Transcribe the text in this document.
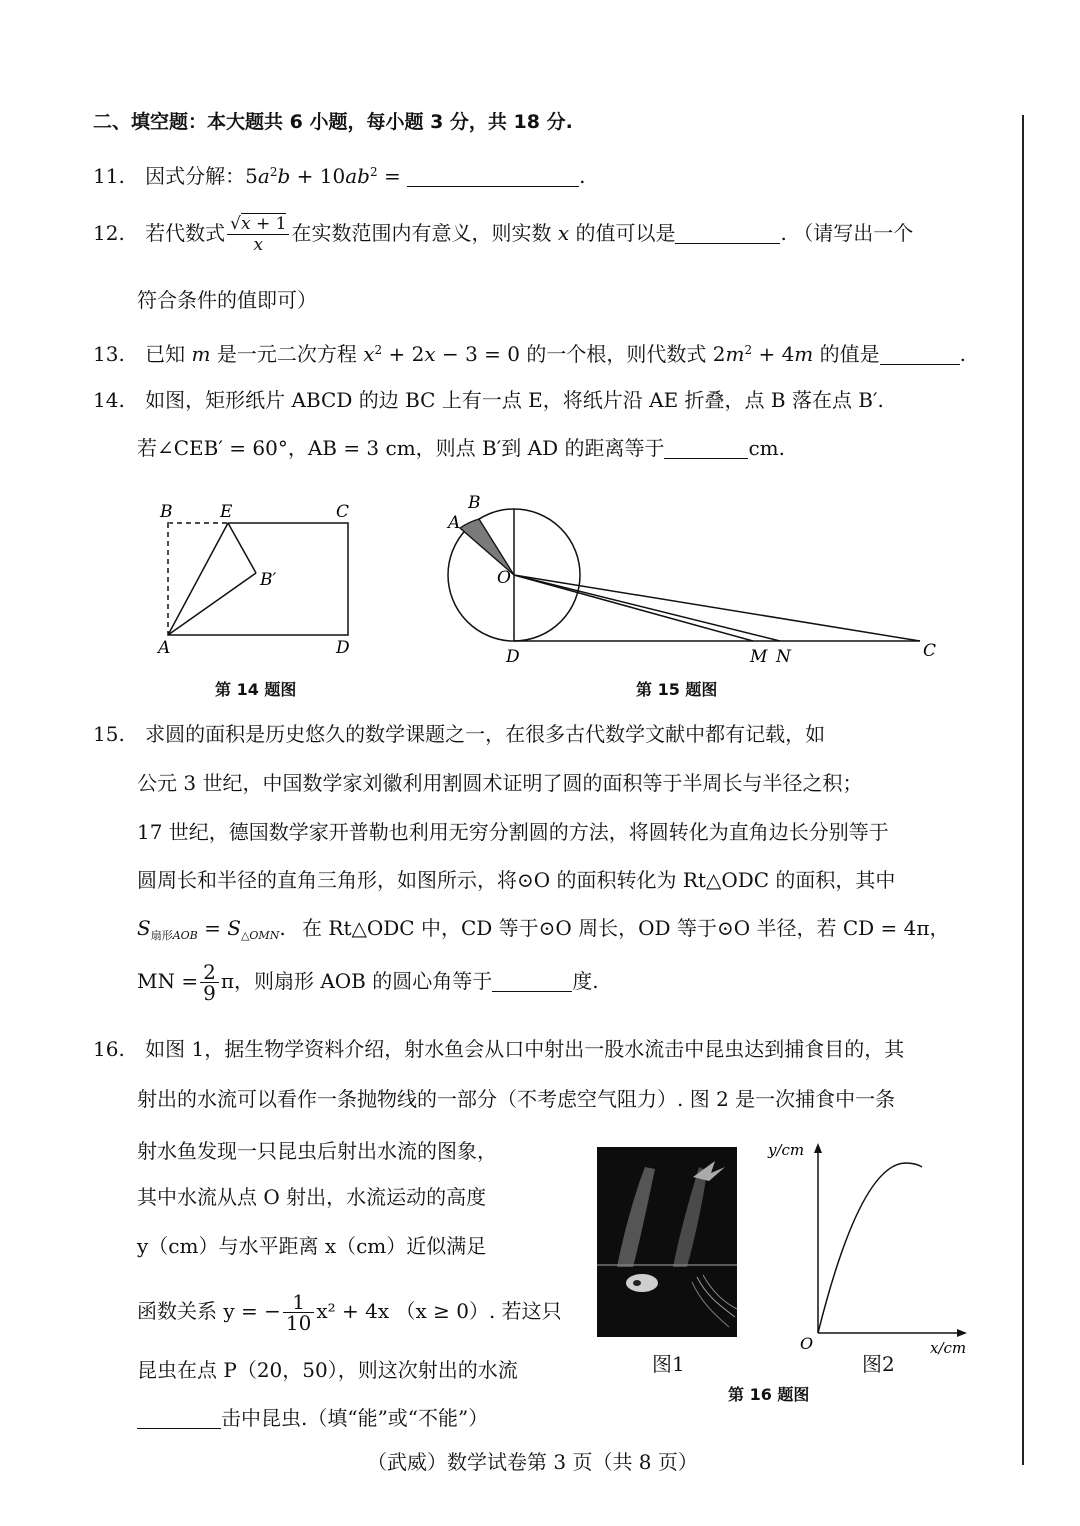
二、填空题：本大题共 6 小题，每小题 3 分，共 18 分.
11. 因式分解：$5a^2b + 10ab^2$ =	.
12. 若代数式 $\frac{√x + 1}{x}$ 在实数范围内有意义，则实数 x 的值可以是	. （请写出一个
符合条件的值即可）
13. 已知 m 是一元二次方程 $x^2 + 2x - 3 = 0$ 的一个根，则代数式 $2m^2 + 4m$ 的值是	.
14. 如图，矩形纸片 ABCD 的边 BC 上有一点 E，将纸片沿 AE 折叠，点 B 落在点 B′.
若∠CEB′ = 60°，AB = 3 cm，则点 B′到 AD 的距离等于	cm.
B	E	C
B′
A	D
第 14 题图
B
A
O
D	M N	C
第 15 题图
15. 求圆的面积是历史悠久的数学课题之一，在很多古代数学文献中都有记载，如
公元 3 世纪，中国数学家刘徽利用割圆术证明了圆的面积等于半周长与半径之积；
17 世纪，德国数学家开普勒也利用无穷分割圆的方法，将圆转化为直角边长分别等于
圆周长和半径的直角三角形，如图所示，将⊙O 的面积转化为 Rt△ODC 的面积，其中
$S_{扇形AOB} = S_{\triangle OMN}$. 在 Rt△ODC 中，CD 等于⊙O 周长，OD 等于⊙O 半径，若 CD = 4π，
MN = $\frac{2}{9}$ π，则扇形 AOB 的圆心角等于	度.
16. 如图 1，据生物学资料介绍，射水鱼会从口中射出一股水流击中昆虫达到捕食目的，其
射出的水流可以看作一条抛物线的一部分（不考虑空气阻力）. 图 2 是一次捕食中一条
射水鱼发现一只昆虫后射出水流的图象，
其中水流从点 O 射出，水流运动的高度
y（cm）与水平距离 x（cm）近似满足
函数关系 y = − $\frac{1}{10} x^2 + 4x$ （x ≥ 0）. 若这只
昆虫在点 P（20，50），则这次射出的水流
击中昆虫.（填“能”或“不能”）
图1
y/cm
x/cm
O
图2
第 16 题图
（武威）数学试卷第 3 页（共 8 页）
